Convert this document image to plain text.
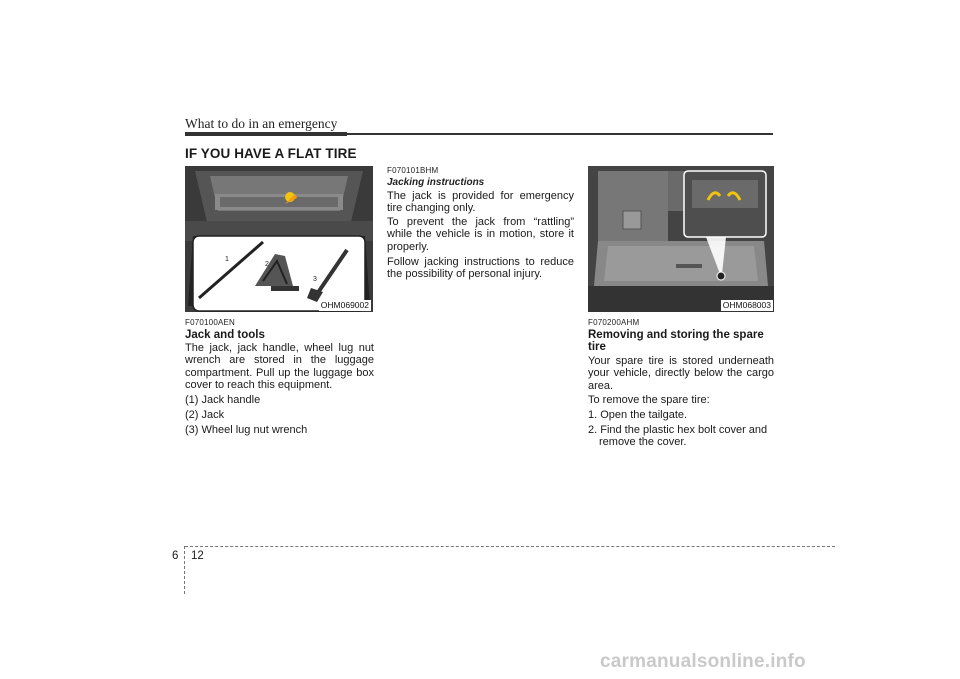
What to do in an emergency
IF YOU HAVE A FLAT TIRE
1
2
3
OHM069002
F070100AEN
Jack and tools
The jack, jack handle, wheel lug nut wrench are stored in the luggage compartment. Pull up the luggage box cover to reach this equipment.
(1) Jack handle
(2) Jack
(3) Wheel lug nut wrench
F070101BHM
Jacking instructions
The jack is provided for emergency tire changing only.
To prevent the jack from “rattling” while the vehicle is in motion, store it properly.
Follow jacking instructions to reduce the possibility of personal injury.
OHM068003
F070200AHM
Removing and storing the spare
tire
Your spare tire is stored underneath your vehicle, directly below the cargo area.
To remove the spare tire:
1. Open the tailgate.
2. Find the plastic hex bolt cover and remove the cover.
6 12
carmanualsonline.info
